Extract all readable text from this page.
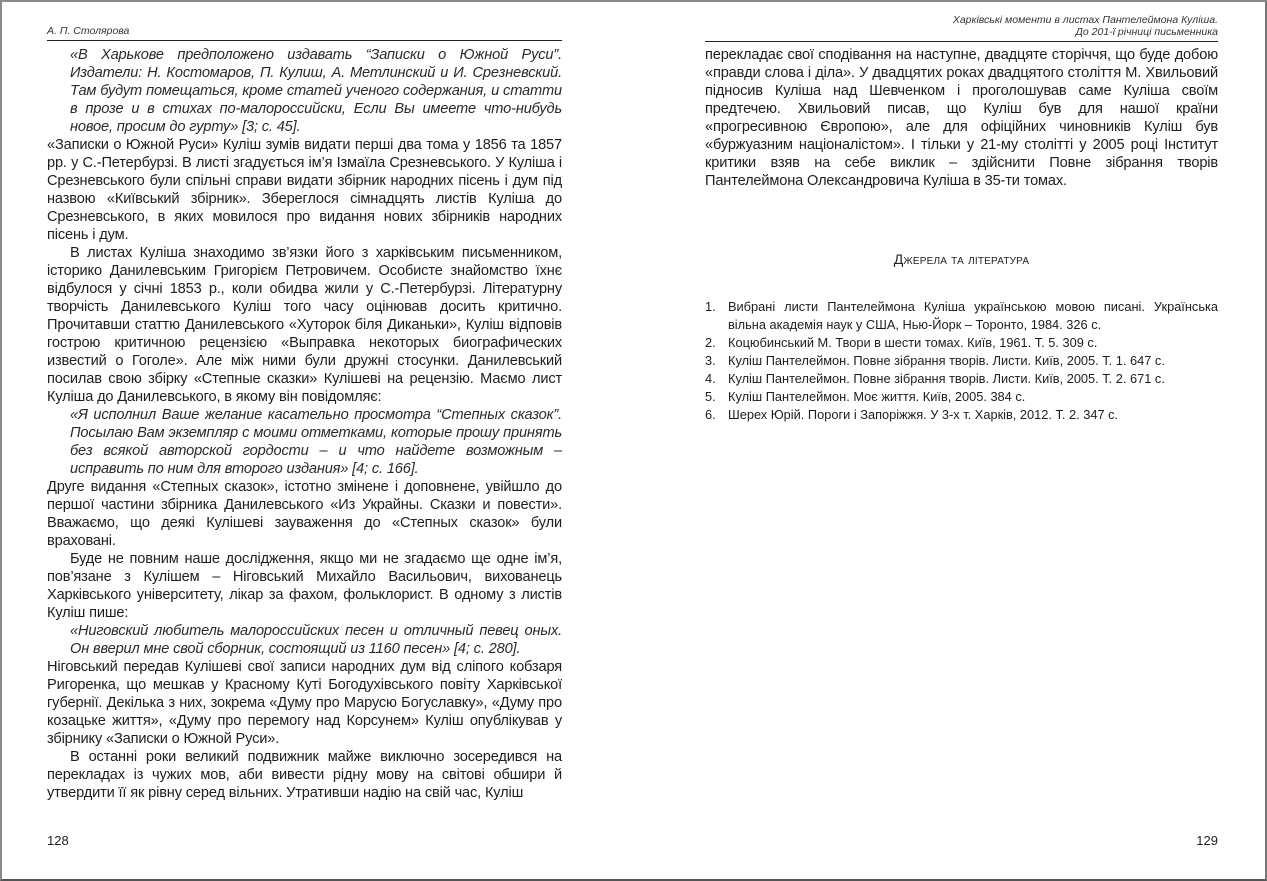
А. П. Столярова

«В Харькове предположено издавать “Записки о Южной Руси”. Издатели: Н. Костомаров, П. Кулиш, А. Метлинский и И. Срезневский. Там будут помещаться, кроме статей ученого содержания, и статти в прозе и в стихах по-малороссийски, Если Вы имеете что-нибудь новое, просим до гурту» [3; с. 45].

«Записки о Южной Руси» Куліш зумів видати перші два тома у 1856 та 1857 рр. у С.-Петербурзі. В листі згадується ім’я Ізмаїла Срезневського. У Куліша і Срезневського були спільні справи видати збірник народних пісень і дум під назвою «Київський збірник». Збереглося сімнадцять листів Куліша до Срезневського, в яких мовилося про видання нових збірників народних пісень і дум.

В листах Куліша знаходимо зв’язки його з харківським письменником, історико Данилевським Григорієм Петровичем. Особисте знайомство їхнє відбулося у січні 1853 р., коли обидва жили у С.-Петербурзі. Літературну творчість Данилевського Куліш того часу оцінював досить критично. Прочитавши статтю Данилевського «Хуторок біля Диканьки», Куліш відповів гострою критичною рецензією «Выправка некоторых биографических известий о Гоголе». Але між ними були дружні стосунки. Данилевський посилав свою збірку «Степные сказки» Кулішеві на рецензію. Маємо лист Куліша до Данилевського, в якому він повідомляє:

«Я исполнил Ваше желание касательно просмотра “Степных сказок”. Посылаю Вам экземпляр с моими отметками, которые прошу принять без всякой авторской гордости – и что найдете возможным – исправить по ним для второго издания» [4; с. 166].

Друге видання «Степных сказок», істотно змінене і доповнене, увійшло до першої частини збірника Данилевського «Из Украйны. Сказки и повести». Вважаємо, що деякі Кулішеві зауваження до «Степных сказок» були враховані.

Буде не повним наше дослідження, якщо ми не згадаємо ще одне ім’я, пов’язане з Кулішем – Ніговський Михайло Васильович, вихованець Харківського університету, лікар за фахом, фольклорист. В одному з листів Куліш пише:

«Ниговский любитель малороссийских песен и отличный певец оных. Он вверил мне свой сборник, состоящий из 1160 песен» [4; с. 280].

Ніговський передав Кулішеві свої записи народних дум від сліпого кобзаря Ригоренка, що мешкав у Красному Куті Богодухівського повіту Харківської губернії. Декілька з них, зокрема «Думу про Марусю Богуславку», «Думу про козацьке життя», «Думу про перемогу над Корсунем» Куліш опублікував у збірнику «Записки о Южной Руси».

В останні роки великий подвижник майже виключно зосередився на перекладах із чужих мов, аби вивести рідну мову на світові обшири й утвердити її як рівну серед вільних. Утративши надію на свій час, Куліш

128
Харківські моменти в листах Пантелеймона Куліша.
До 201-ї річниці письменника

перекладає свої сподівання на наступне, двадцяте сторіччя, що буде добою «правди слова і діла». У двадцятих роках двадцятого століття М. Хвильовий підносив Куліша над Шевченком і проголошував саме Куліша своїм предтечею. Хвильовий писав, що Куліш був для нашої країни «прогресивною Європою», але для офіційних чиновників Куліш був «буржуазним націоналістом». І тільки у 21-му столітті у 2005 році Інститут критики взяв на себе виклик – здійснити Повне зібрання творів Пантелеймона Олександровича Куліша в 35-ти томах.

Джерела та література
1. Вибрані листи Пантелеймона Куліша українською мовою писані. Українська вільна академія наук у США, Нью-Йорк – Торонто, 1984. 326 с.
2. Коцюбинський М. Твори в шести томах. Київ, 1961. Т. 5. 309 с.
3. Куліш Пантелеймон. Повне зібрання творів. Листи. Київ, 2005. Т. 1. 647 с.
4. Куліш Пантелеймон. Повне зібрання творів. Листи. Київ, 2005. Т. 2. 671 с.
5. Куліш Пантелеймон. Моє життя. Київ, 2005. 384 с.
6. Шерех Юрій. Пороги і Запоріжжя. У 3-х т. Харків, 2012. Т. 2. 347 с.
129
